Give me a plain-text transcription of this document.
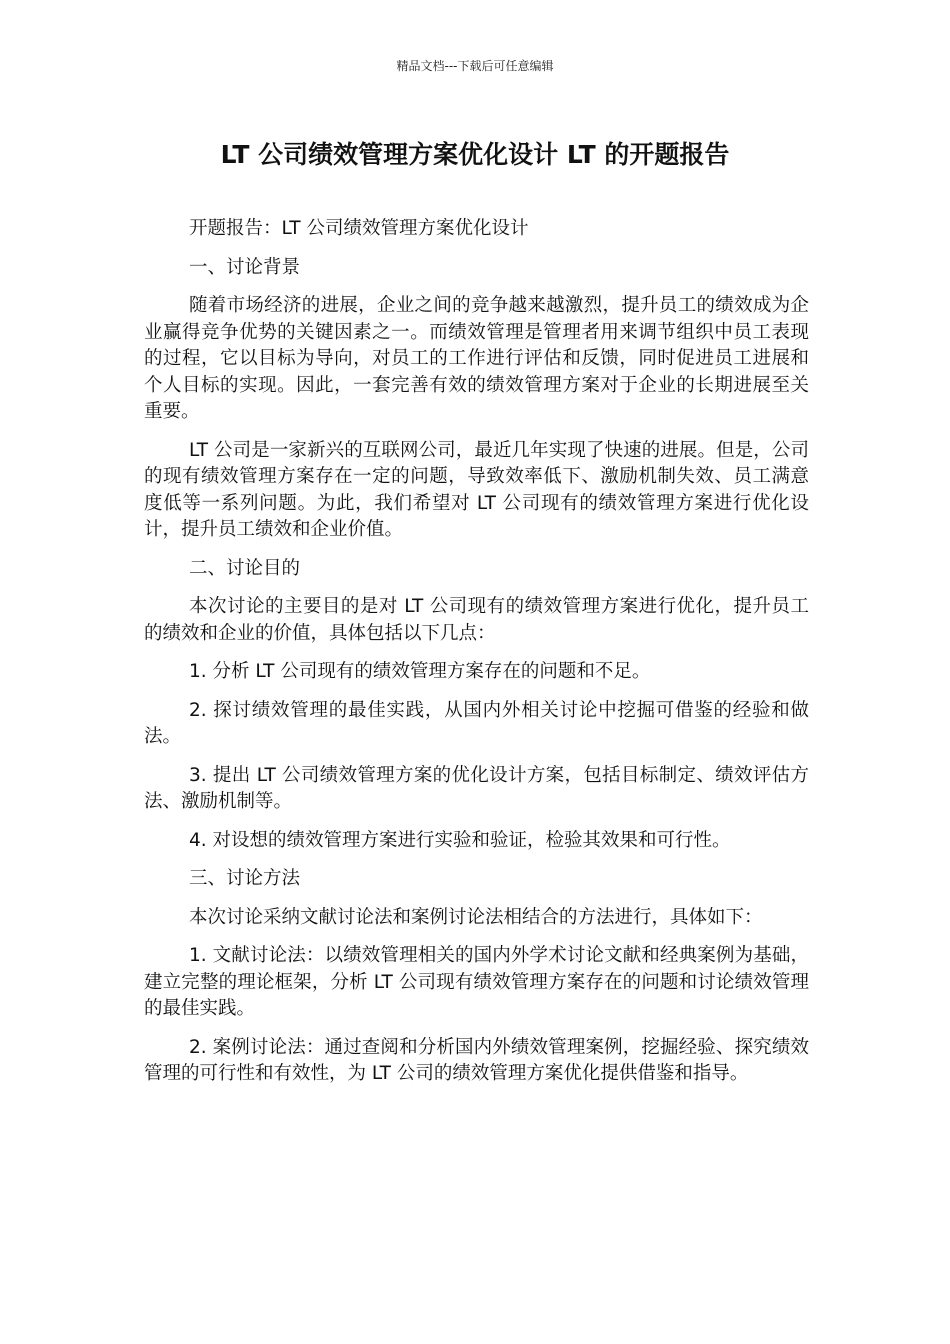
精品文档---下载后可任意编辑
LT 公司绩效管理方案优化设计 LT 的开题报告

开题报告：LT 公司绩效管理方案优化设计

一、讨论背景

随着市场经济的进展，企业之间的竞争越来越激烈，提升员工的绩效成为企业赢得竞争优势的关键因素之一。而绩效管理是管理者用来调节组织中员工表现的过程，它以目标为导向，对员工的工作进行评估和反馈，同时促进员工进展和个人目标的实现。因此，一套完善有效的绩效管理方案对于企业的长期进展至关重要。

LT 公司是一家新兴的互联网公司，最近几年实现了快速的进展。但是，公司的现有绩效管理方案存在一定的问题，导致效率低下、激励机制失效、员工满意度低等一系列问题。为此，我们希望对 LT 公司现有的绩效管理方案进行优化设计，提升员工绩效和企业价值。

二、讨论目的

本次讨论的主要目的是对 LT 公司现有的绩效管理方案进行优化，提升员工的绩效和企业的价值，具体包括以下几点：

1. 分析 LT 公司现有的绩效管理方案存在的问题和不足。

2. 探讨绩效管理的最佳实践，从国内外相关讨论中挖掘可借鉴的经验和做法。

3. 提出 LT 公司绩效管理方案的优化设计方案，包括目标制定、绩效评估方法、激励机制等。

4. 对设想的绩效管理方案进行实验和验证，检验其效果和可行性。

三、讨论方法

本次讨论采纳文献讨论法和案例讨论法相结合的方法进行，具体如下：

1. 文献讨论法：以绩效管理相关的国内外学术讨论文献和经典案例为基础，建立完整的理论框架，分析 LT 公司现有绩效管理方案存在的问题和讨论绩效管理的最佳实践。

2. 案例讨论法：通过查阅和分析国内外绩效管理案例，挖掘经验、探究绩效管理的可行性和有效性，为 LT 公司的绩效管理方案优化提供借鉴和指导。
